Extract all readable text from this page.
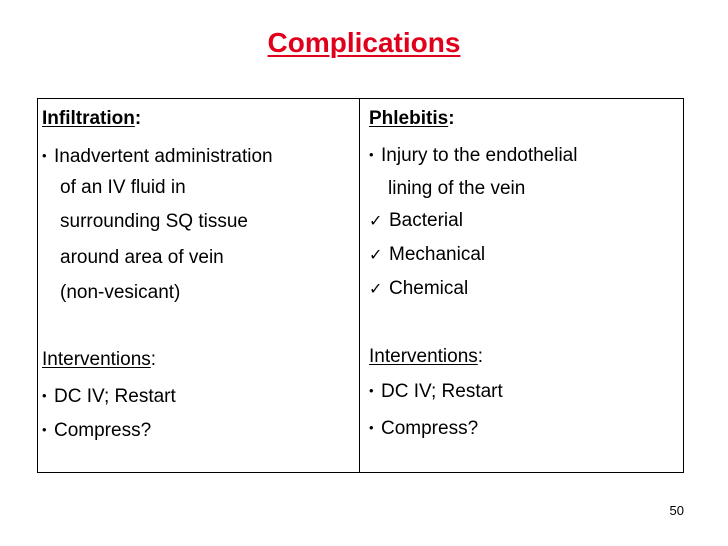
Complications
Infiltration:
• Inadvertent administration
of an IV fluid in
surrounding SQ tissue
around area of vein
(non-vesicant)
Interventions:
• DC IV; Restart
• Compress?
Phlebitis:
• Injury to the endothelial
lining of the vein
✓ Bacterial
✓ Mechanical
✓ Chemical
Interventions:
• DC IV; Restart
• Compress?
50
